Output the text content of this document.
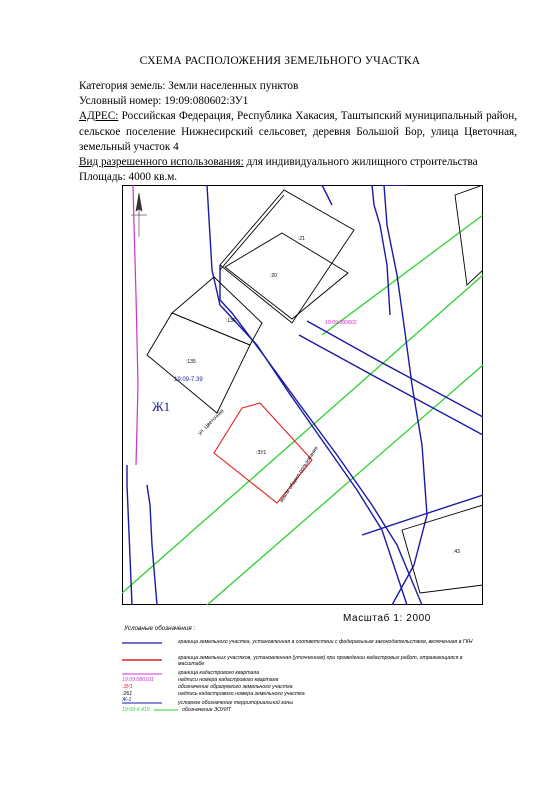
СХЕМА РАСПОЛОЖЕНИЯ ЗЕМЕЛЬНОГО УЧАСТКА
Категория земель: Земли населенных пунктов
Условный номер: 19:09:080602:ЗУ1
АДРЕС: Российская Федерация, Республика Хакасия, Таштыпский муниципальный район, сельское поселение Нижнесирский сельсовет, деревня Большой Бор, улица Цветочная, земельный участок 4
Вид разрешенного использования: для индивидуального жилищного строительства
Площадь: 4000 кв.м.
:21
:20
:136
:135
:43
:ЗУ1
19:09:080602
19:09-7.39
Ж1
ул. Цветочная
земли общего пользования
Масштаб 1: 2000
Условные обозначения :
граница земельного участка, установленная в соответствии с федеральным законодательством, включенная в ГКН
граница земельных участков, установленная (уточненная) при проведении кадастровых работ, отражающаяся в масштабе
граница кадастрового квартала
19:09:080101	надписи номера кадастрового квартала
:ЗУ1	обозначение образуемого земельного участка
:261	надпись кадастрового номера земельного участка
Ж-1	условное обозначение территориальной зоны
19:09-6.419	обозначение ЗОУИТ
